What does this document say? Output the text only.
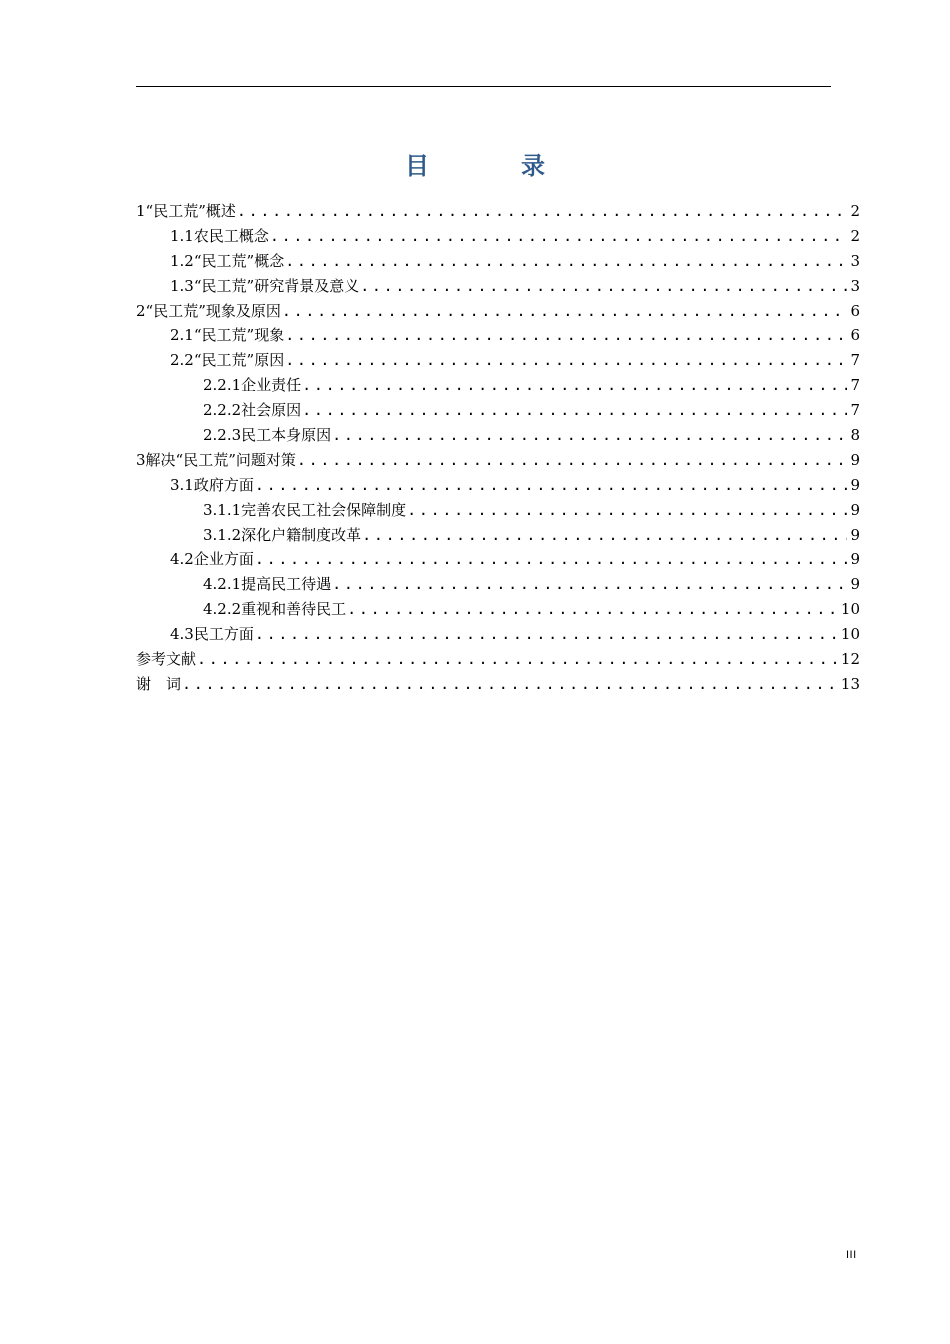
目　录
1“民工荒”概述 .....	2
1.1农民工概念 .....	2
1.2“民工荒”概念 .....	3
1.3“民工荒”研究背景及意义 .....	3
2“民工荒”现象及原因 .....	6
2.1“民工荒”现象 .....	6
2.2“民工荒”原因 .....	7
2.2.1企业责任 .....	7
2.2.2社会原因 .....	7
2.2.3民工本身原因 .....	8
3解决“民工荒”问题对策 .....	9
3.1政府方面 .....	9
3.1.1完善农民工社会保障制度 .....	9
3.1.2深化户籍制度改革 .....	9
4.2企业方面 .....	9
4.2.1提高民工待遇 .....	9
4.2.2重视和善待民工 .....	10
4.3民工方面 .....	10
参考文献 .....	12
谢　词 .....	13
III
